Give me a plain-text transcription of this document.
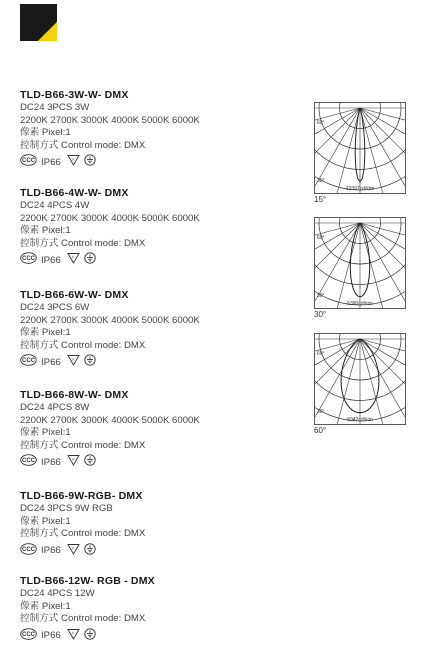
TLD-B66-3W-W- DMX
DC24 3PCS 3W
2200K 2700K 3000K 4000K 5000K 6000K
像素 Pixel:1
控制方式 Control mode: DMX
CCC IP66	F
TLD-B66-4W-W- DMX
DC24 4PCS 4W
2200K 2700K 3000K 4000K 5000K 6000K
像素 Pixel:1
控制方式 Control mode: DMX
CCC IP66	F
TLD-B66-6W-W- DMX
DC24 3PCS 6W
2200K 2700K 3000K 4000K 5000K 6000K
像素 Pixel:1
控制方式 Control mode: DMX
CCC IP66	F
TLD-B66-8W-W- DMX
DC24 4PCS 8W
2200K 2700K 3000K 4000K 5000K 6000K
像素 Pixel:1
控制方式 Control mode: DMX
CCC IP66	F
TLD-B66-9W-RGB- DMX
DC24 3PCS 9W RGB
像素 Pixel:1
控制方式 Control mode: DMX
CCC IP66	F
TLD-B66-12W- RGB - DMX
DC24 4PCS 12W
像素 Pixel:1
控制方式 Control mode: DMX
CCC IP66	F
60°
30°
13397cd/klm
15°
60°
30°
5380cd/klm
30°
60°
30°
5942cd/klm
60°
